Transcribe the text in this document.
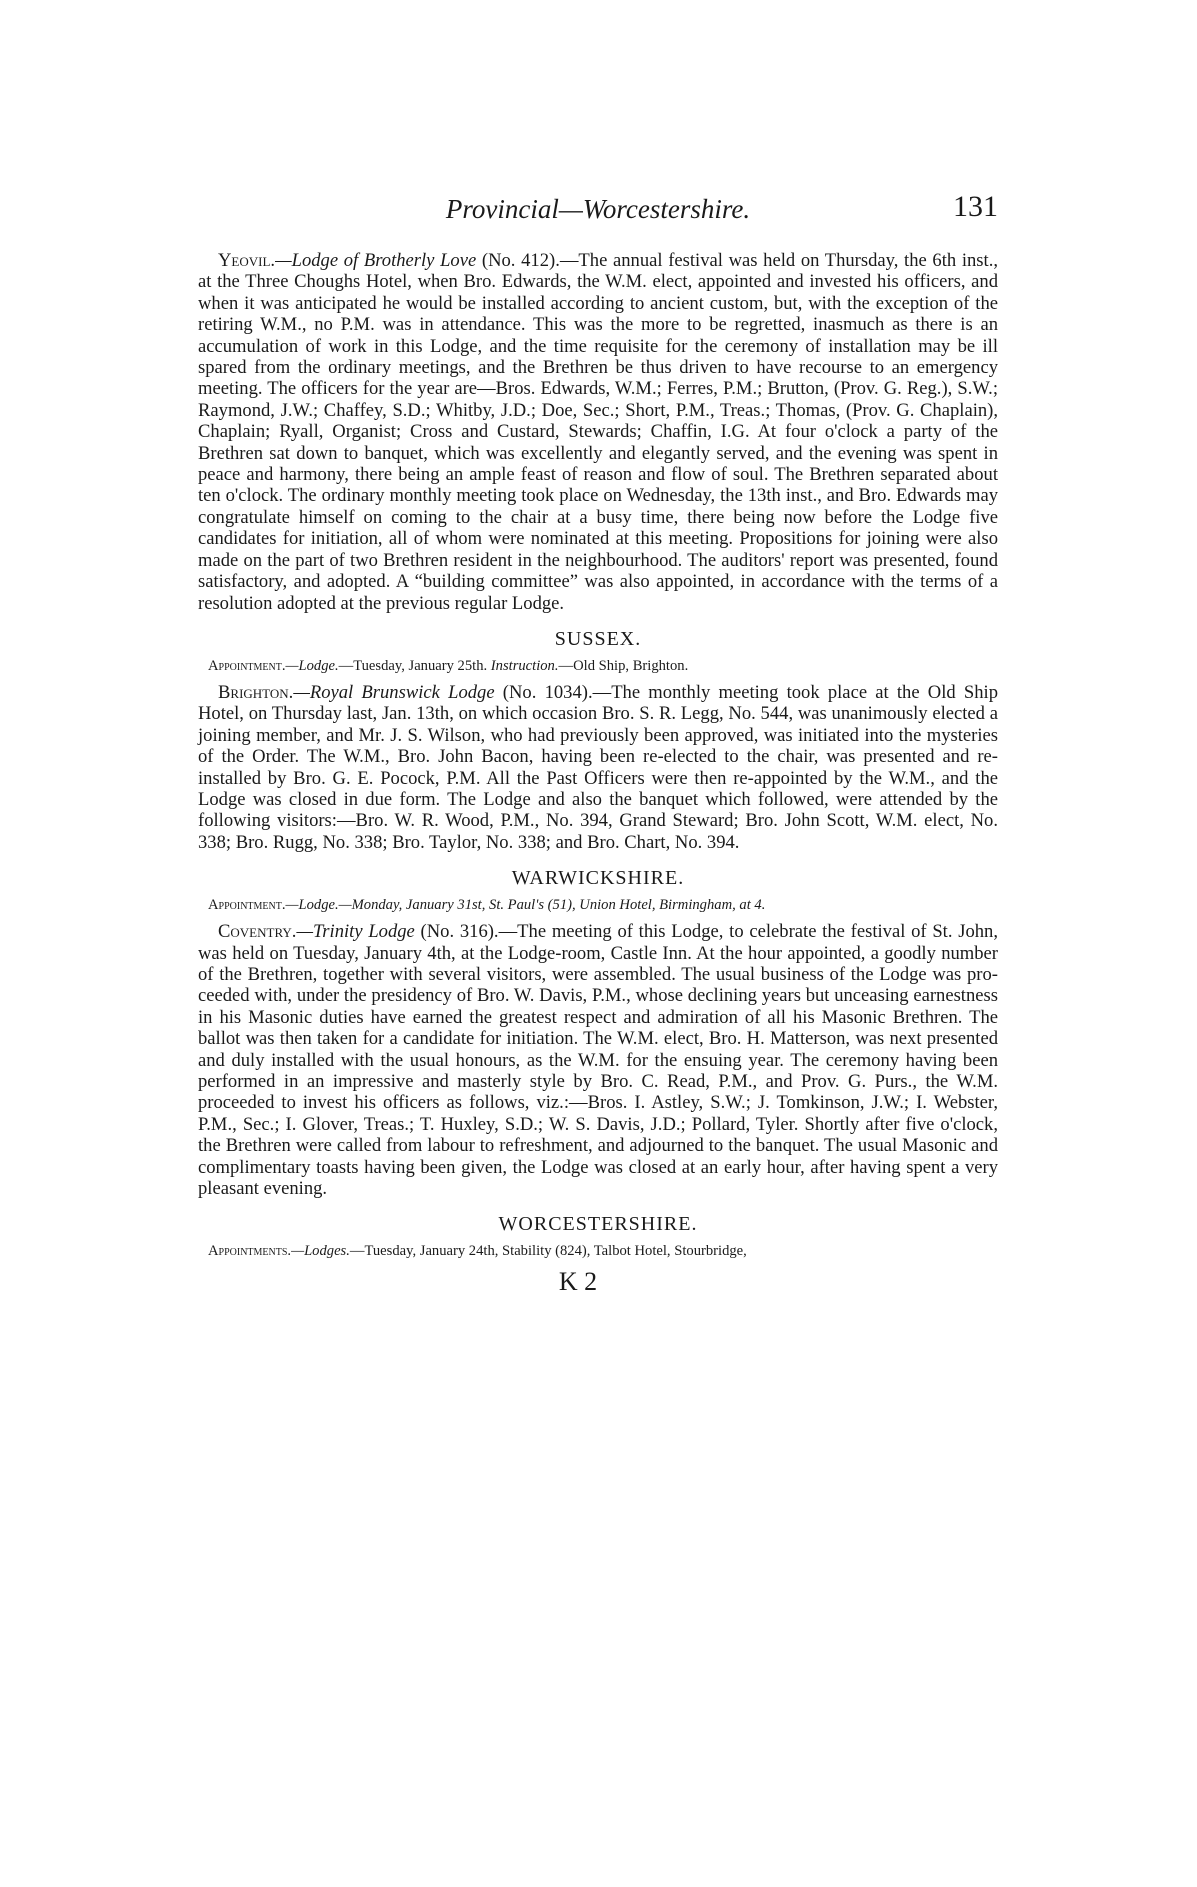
Provincial—Worcestershire.	131

Yeovil.—Lodge of Brotherly Love (No. 412).—The annual festival was held on Thursday, the 6th inst., at the Three Choughs Hotel, when Bro. Edwards, the W.M. elect, appointed and invested his officers, and when it was anticipated he would be installed according to ancient custom, but, with the exception of the retiring W.M., no P.M. was in attendance. This was the more to be regretted, inasmuch as there is an accumulation of work in this Lodge, and the time requisite for the ceremony of installation may be ill spared from the ordinary meetings, and the Brethren be thus driven to have recourse to an emergency meeting. The officers for the year are—Bros. Edwards, W.M.; Ferres, P.M.; Brutton, (Prov. G. Reg.), S.W.; Raymond, J.W.; Chaffey, S.D.; Whitby, J.D.; Doe, Sec.; Short, P.M., Treas.; Thomas, (Prov. G. Chaplain), Chaplain; Ryall, Organist; Cross and Custard, Stewards; Chaffin, I.G. At four o'clock a party of the Brethren sat down to banquet, which was excellently and elegantly served, and the evening was spent in peace and harmony, there being an ample feast of reason and flow of soul. The Brethren separated about ten o'clock. The ordinary monthly meeting took place on Wednesday, the 13th inst., and Bro. Edwards may congratulate himself on coming to the chair at a busy time, there being now before the Lodge five candidates for initiation, all of whom were nominated at this meeting. Propositions for joining were also made on the part of two Brethren resident in the neighbourhood. The auditors' report was presented, found satisfactory, and adopted. A “building committee” was also appointed, in accordance with the terms of a resolution adopted at the previous regular Lodge.

SUSSEX.

Appointment.—Lodge.—Tuesday, January 25th. Instruction.—Old Ship, Brighton.

Brighton.—Royal Brunswick Lodge (No. 1034).—The monthly meeting took place at the Old Ship Hotel, on Thursday last, Jan. 13th, on which occasion Bro. S. R. Legg, No. 544, was unanimously elected a joining member, and Mr. J. S. Wilson, who had previously been approved, was initiated into the mysteries of the Order. The W.M., Bro. John Bacon, having been re-elected to the chair, was presented and re-installed by Bro. G. E. Pocock, P.M. All the Past Officers were then re-appointed by the W.M., and the Lodge was closed in due form. The Lodge and also the banquet which followed, were attended by the following visitors:—Bro. W. R. Wood, P.M., No. 394, Grand Steward; Bro. John Scott, W.M. elect, No. 338; Bro. Rugg, No. 338; Bro. Taylor, No. 338; and Bro. Chart, No. 394.

WARWICKSHIRE.

Appointment.—Lodge.—Monday, January 31st, St. Paul's (51), Union Hotel, Birmingham, at 4.

Coventry.—Trinity Lodge (No. 316).—The meeting of this Lodge, to celebrate the festival of St. John, was held on Tuesday, January 4th, at the Lodge-room, Castle Inn. At the hour appointed, a goodly number of the Brethren, together with several visitors, were assembled. The usual business of the Lodge was proceeded with, under the presidency of Bro. W. Davis, P.M., whose declining years but unceasing earnestness in his Masonic duties have earned the greatest respect and admiration of all his Masonic Brethren. The ballot was then taken for a candidate for initiation. The W.M. elect, Bro. H. Matterson, was next presented and duly installed with the usual honours, as the W.M. for the ensuing year. The ceremony having been performed in an impressive and masterly style by Bro. C. Read, P.M., and Prov. G. Purs., the W.M. proceeded to invest his officers as follows, viz.:—Bros. I. Astley, S.W.; J. Tomkinson, J.W.; I. Webster, P.M., Sec.; I. Glover, Treas.; T. Huxley, S.D.; W. S. Davis, J.D.; Pollard, Tyler. Shortly after five o'clock, the Brethren were called from labour to refreshment, and adjourned to the banquet. The usual Masonic and complimentary toasts having been given, the Lodge was closed at an early hour, after having spent a very pleasant evening.

WORCESTERSHIRE.

Appointments.—Lodges.—Tuesday, January 24th, Stability (824), Talbot Hotel, Stourbridge,

K 2
